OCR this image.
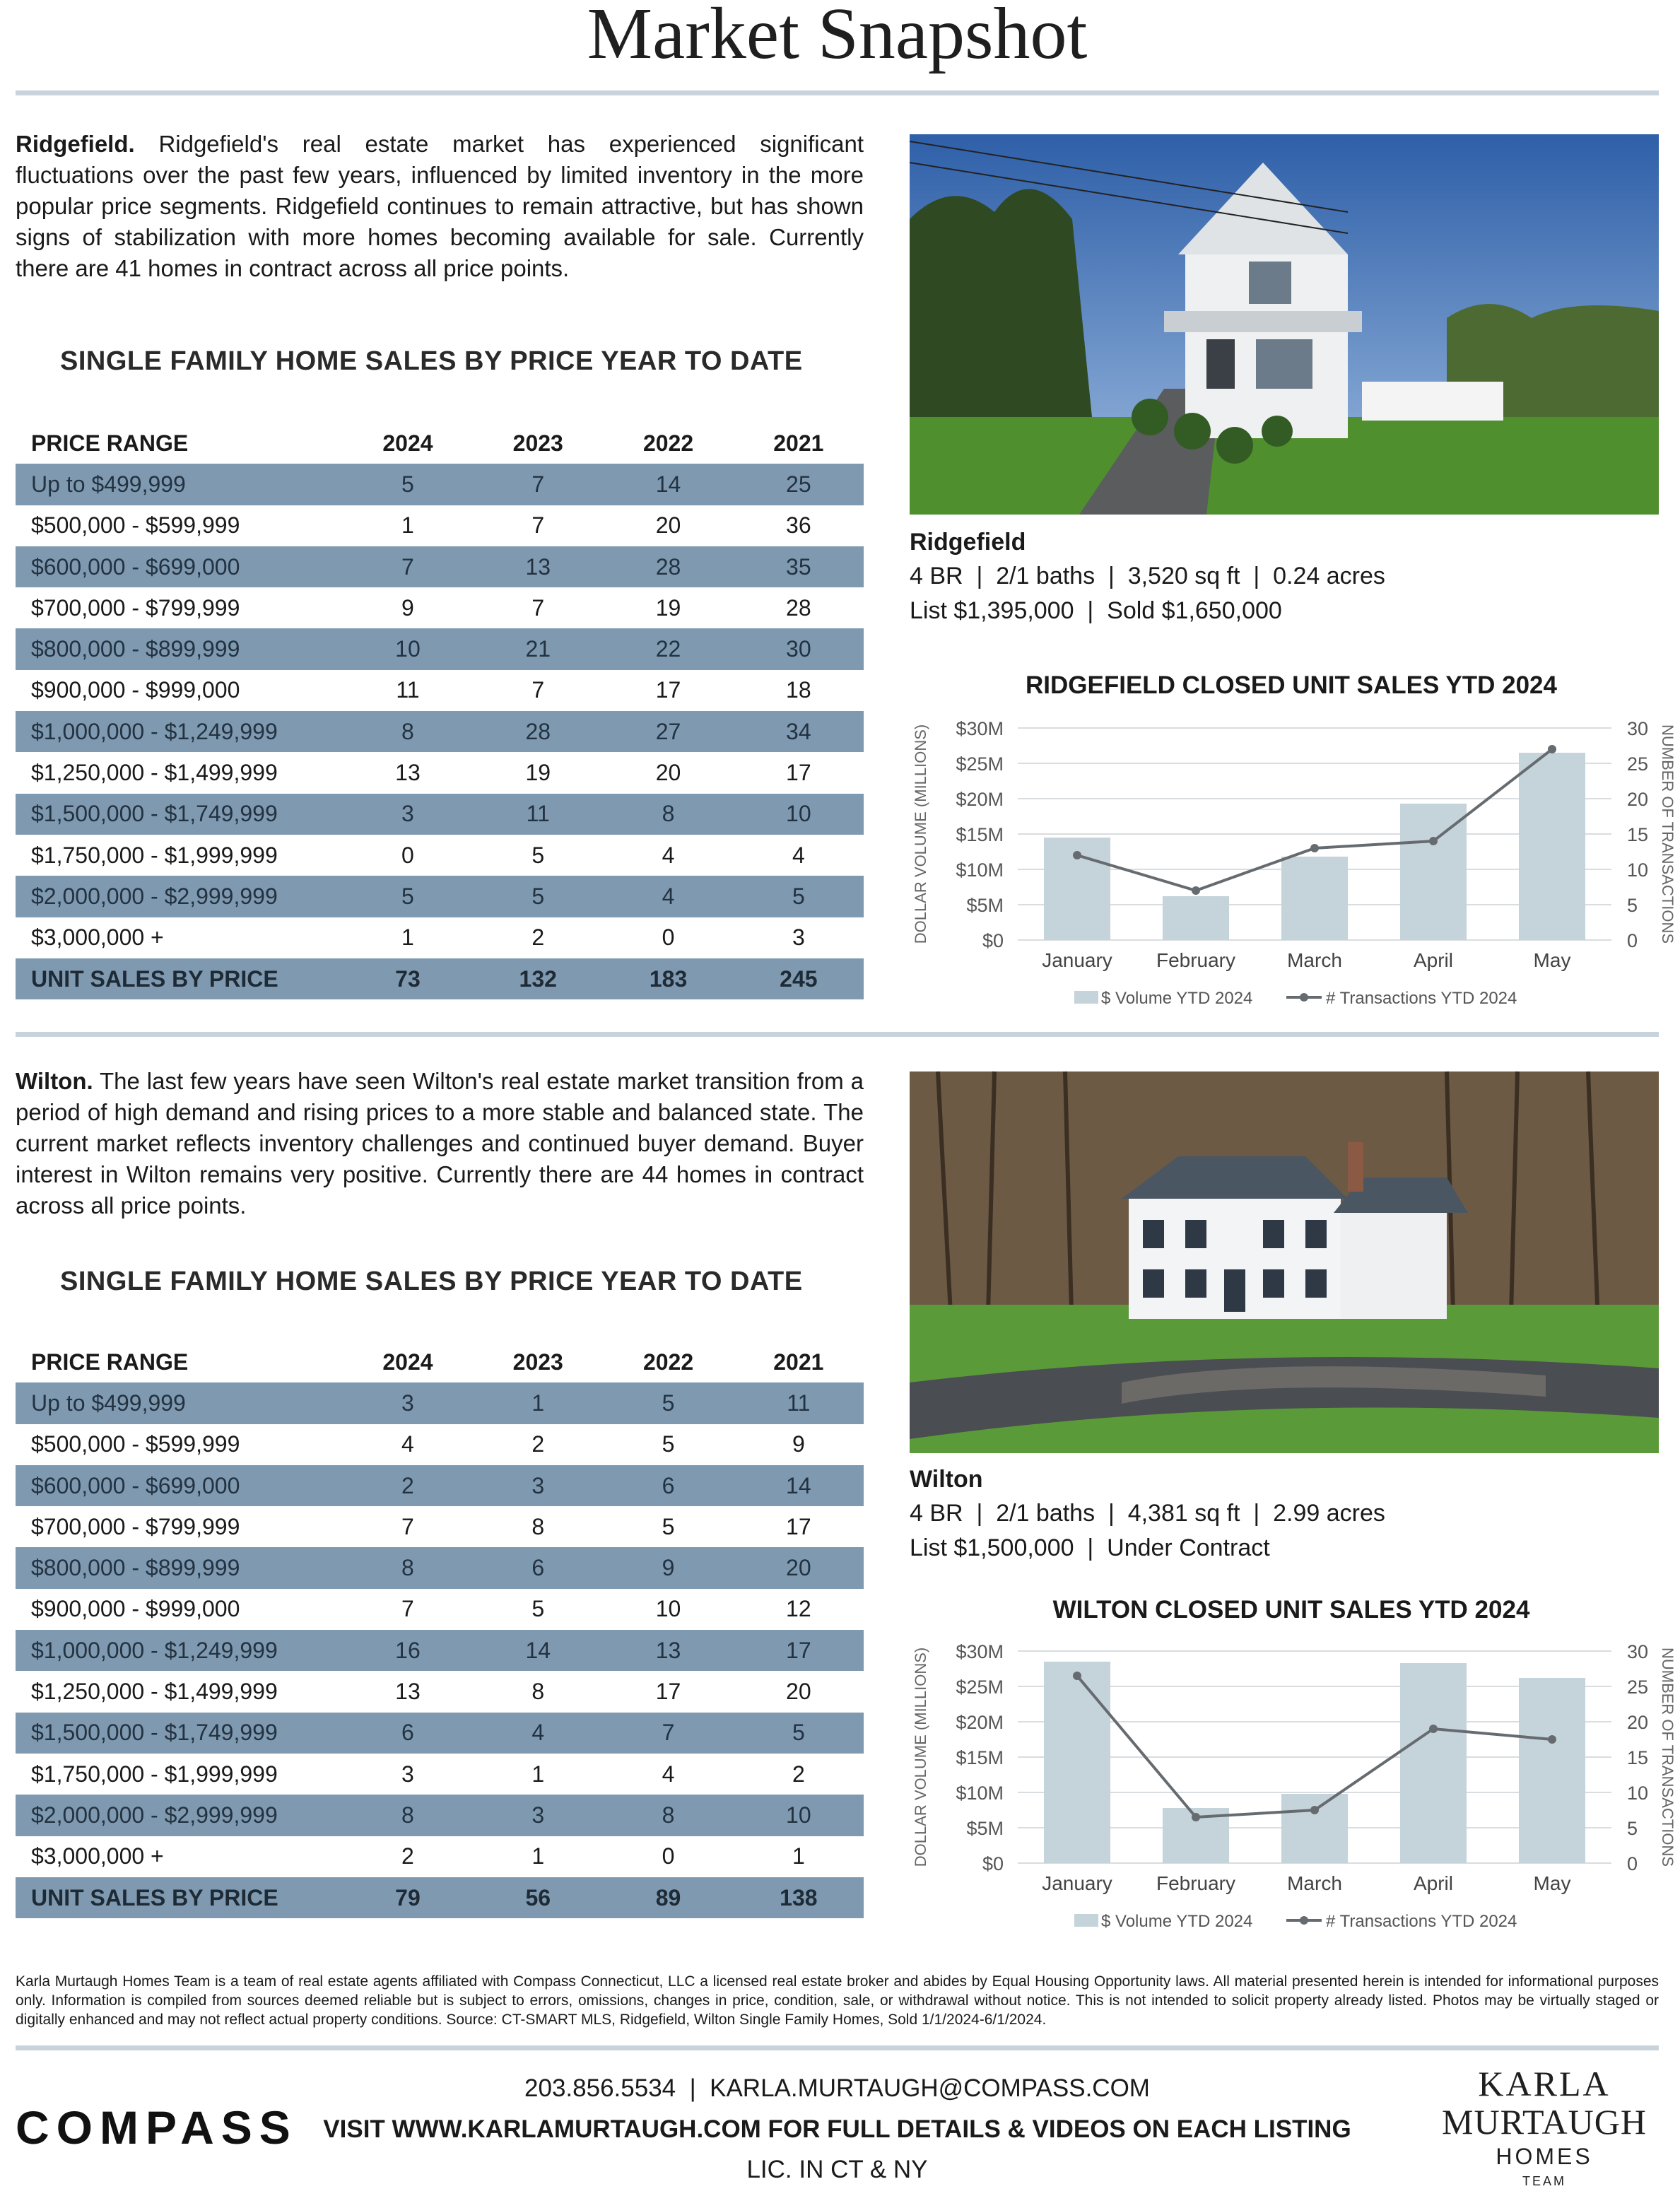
Market Snapshot
Ridgefield. Ridgefield's real estate market has experienced significant fluctuations over the past few years, influenced by limited inventory in the more popular price segments. Ridgefield continues to remain attractive, but has shown signs of stabilization with more homes becoming available for sale. Currently there are 41 homes in contract across all price points.
SINGLE FAMILY HOME SALES BY PRICE YEAR TO DATE
PRICE RANGE	2024	2023	2022	2021
Up to $499,999	5	7	14	25
$500,000 - $599,999	1	7	20	36
$600,000 - $699,000	7	13	28	35
$700,000 - $799,999	9	7	19	28
$800,000 - $899,999	10	21	22	30
$900,000 - $999,000	11	7	17	18
$1,000,000 - $1,249,999	8	28	27	34
$1,250,000 - $1,499,999	13	19	20	17
$1,500,000 - $1,749,999	3	11	8	10
$1,750,000 - $1,999,999	0	5	4	4
$2,000,000 - $2,999,999	5	5	4	5
$3,000,000 +	1	2	0	3
UNIT SALES BY PRICE	73	132	183	245
Ridgefield
4 BR  |  2/1 baths  |  3,520 sq ft  |  0.24 acres
List $1,395,000  |  Sold $1,650,000
RIDGEFIELD CLOSED UNIT SALES YTD 2024
$0
$5M
$10M
$15M
$20M
$25M
$30M
0
5
10
15
20
25
30
DOLLAR VOLUME (MILLIONS)	NUMBER OF TRANSACTIONS
January February	March	April	May
$ Volume YTD 2024	# Transactions YTD 2024
Wilton. The last few years have seen Wilton's real estate market transition from a period of high demand and rising prices to a more stable and balanced state. The current market reflects inventory challenges and continued buyer demand. Buyer interest in Wilton remains very positive. Currently there are 44 homes in contract across all price points.
SINGLE FAMILY HOME SALES BY PRICE YEAR TO DATE
PRICE RANGE	2024	2023	2022	2021
Up to $499,999	3	1	5	11
$500,000 - $599,999	4	2	5	9
$600,000 - $699,000	2	3	6	14
$700,000 - $799,999	7	8	5	17
$800,000 - $899,999	8	6	9	20
$900,000 - $999,000	7	5	10	12
$1,000,000 - $1,249,999	16	14	13	17
$1,250,000 - $1,499,999	13	8	17	20
$1,500,000 - $1,749,999	6	4	7	5
$1,750,000 - $1,999,999	3	1	4	2
$2,000,000 - $2,999,999	8	3	8	10
$3,000,000 +	2	1	0	1
UNIT SALES BY PRICE	79	56	89	138
Wilton
4 BR  |  2/1 baths  |  4,381 sq ft  |  2.99 acres
List $1,500,000  |  Under Contract
WILTON CLOSED UNIT SALES YTD 2024
$0
$5M
$10M
$15M
$20M
$25M
$30M
0
5
10
15
20
25
30
DOLLAR VOLUME (MILLIONS)	NUMBER OF TRANSACTIONS
January February	March	April	May
$ Volume YTD 2024	# Transactions YTD 2024
Karla Murtaugh Homes Team is a team of real estate agents affiliated with Compass Connecticut, LLC a licensed real estate broker and abides by Equal Housing Opportunity laws. All material presented herein is intended for informational purposes only. Information is compiled from sources deemed reliable but is subject to errors, omissions, changes in price, condition, sale, or withdrawal without notice. This is not intended to solicit property already listed. Photos may be virtually staged or digitally enhanced and may not reflect actual property conditions. Source: CT-SMART MLS, Ridgefield, Wilton Single Family Homes, Sold 1/1/2024-6/1/2024.
203.856.5534  |  KARLA.MURTAUGH@COMPASS.COM
VISIT WWW.KARLAMURTAUGH.COM FOR FULL DETAILS & VIDEOS ON EACH LISTING
LIC. IN CT & NY
COMPASS
KARLA
MURTAUGH
HOMES
TEAM
